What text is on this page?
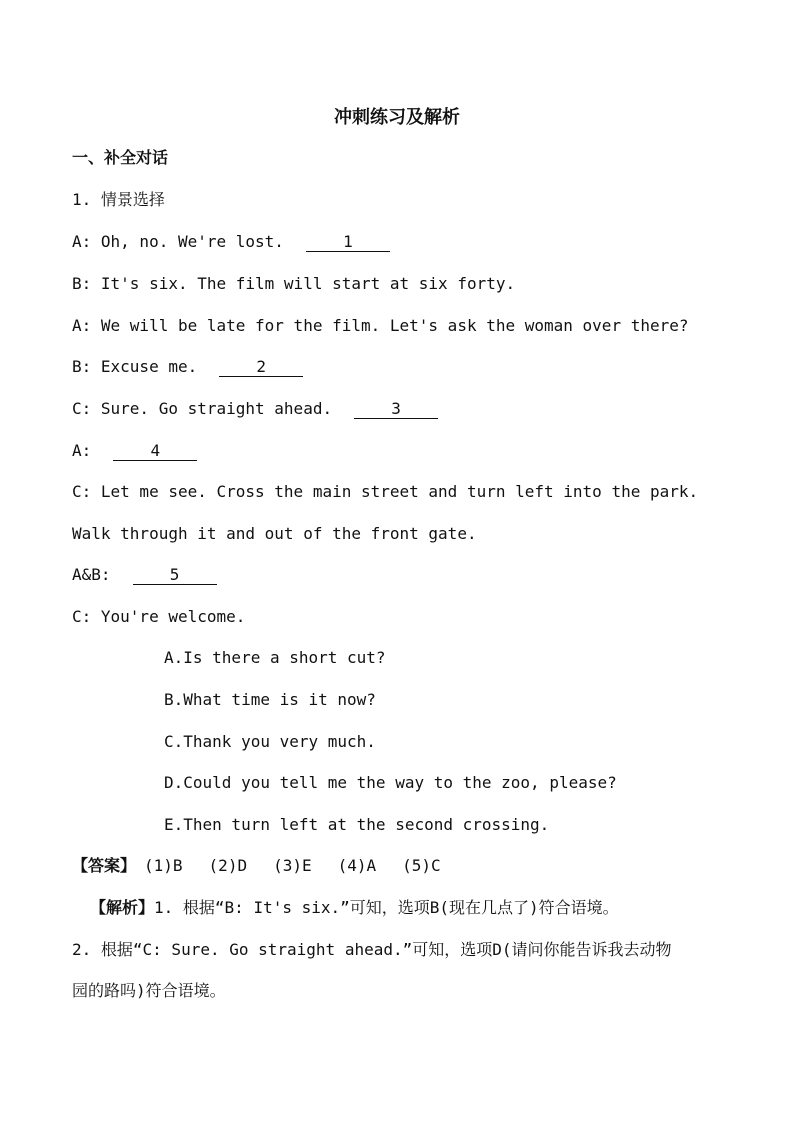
冲刺练习及解析
一、补全对话
1. 情景选择
A: Oh, no. We're lost.	1
B: It's six. The film will start at six forty.
A: We will be late for the film. Let's ask the woman over there?
B: Excuse me.	2
C: Sure. Go straight ahead.	3
A:	4
C: Let me see. Cross the main street and turn left into the park.
Walk through it and out of the front gate.
A&B:	5
C: You're welcome.
A.Is there a short cut?
B.What time is it now?
C.Thank you very much.
D.Could you tell me the way to the zoo, please?
E.Then turn left at the second crossing.
【答案】 (1)B (2)D (3)E (4)A (5)C
【解析】1. 根据“B: It's six.”可知，选项B(现在几点了)符合语境。
2. 根据“C: Sure. Go straight ahead.”可知，选项D(请问你能告诉我去动物
园的路吗)符合语境。
